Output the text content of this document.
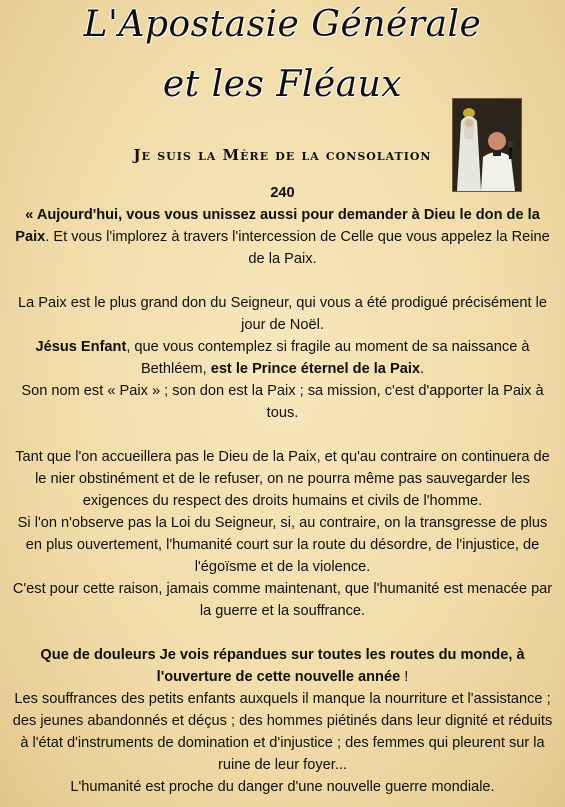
L'Apostasie Générale
et les Fléaux
Je suis la Mère de la consolation

240

« Aujourd'hui, vous vous unissez aussi pour demander à Dieu le don de la Paix. Et vous l'implorez à travers l'intercession de Celle que vous appelez la Reine de la Paix.

La Paix est le plus grand don du Seigneur, qui vous a été prodigué précisément le jour de Noël.

Jésus Enfant, que vous contemplez si fragile au moment de sa naissance à Bethléem, est le Prince éternel de la Paix.

Son nom est « Paix » ; son don est la Paix ; sa mission, c'est d'apporter la Paix à tous.

Tant que l'on accueillera pas le Dieu de la Paix, et qu'au contraire on continuera de le nier obstinément et de le refuser, on ne pourra même pas sauvegarder les exigences du respect des droits humains et civils de l'homme.

Si l'on n'observe pas la Loi du Seigneur, si, au contraire, on la transgresse de plus en plus ouvertement, l'humanité court sur la route du désordre, de l'injustice, de l'égoïsme et de la violence.

C'est pour cette raison, jamais comme maintenant, que l'humanité est menacée par la guerre et la souffrance.

Que de douleurs Je vois répandues sur toutes les routes du monde, à l'ouverture de cette nouvelle année !

Les souffrances des petits enfants auxquels il manque la nourriture et l'assistance ; des jeunes abandonnés et déçus ; des hommes piétinés dans leur dignité et réduits à l'état d'instruments de domination et d'injustice ; des femmes qui pleurent sur la ruine de leur foyer...

L'humanité est proche du danger d'une nouvelle guerre mondiale.
